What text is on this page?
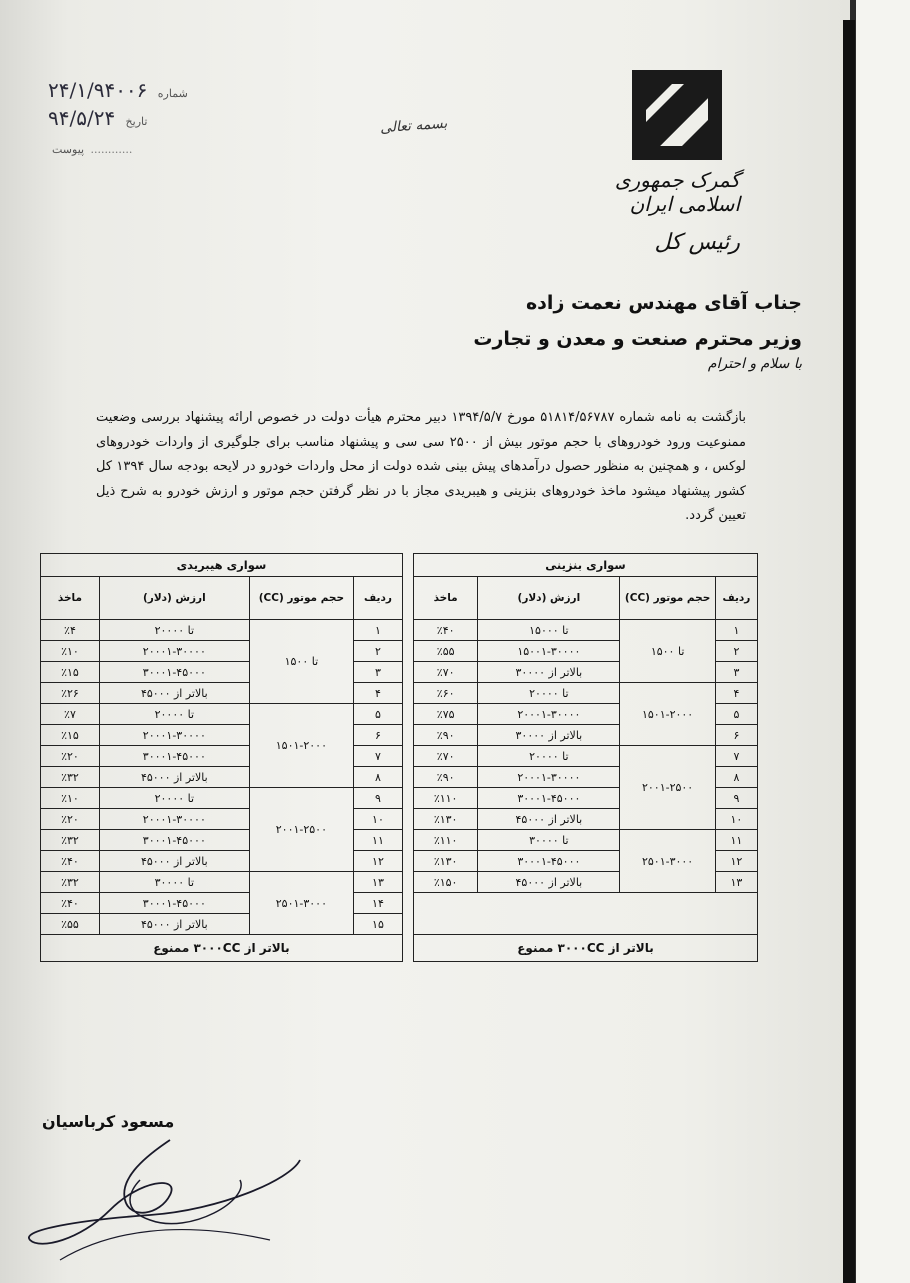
۲۴/۱/۹۴۰۰۶ شماره
۹۴/۵/۲۴ تاریخ
پیوست ............
بسمه تعالی
گمرک جمهوری اسلامی ایران
رئیس کل
جناب آقای مهندس نعمت زاده
وزیر محترم صنعت و معدن و تجارت
با سلام و احترام
بازگشت به نامه شماره ۵۱۸۱۴/۵۶۷۸۷ مورخ ۱۳۹۴/۵/۷ دبیر محترم هیأت دولت در خصوص ارائه پیشنهاد بررسی وضعیت ممنوعیت ورود خودروهای با حجم موتور بیش از ۲۵۰۰ سی سی و پیشنهاد مناسب برای جلوگیری از واردات خودروهای لوکس ، و همچنین به منظور حصول درآمدهای پیش بینی شده دولت از محل واردات خودرو در لایحه بودجه سال ۱۳۹۴ کل کشور پیشنهاد میشود ماخذ خودروهای بنزینی و هیبریدی مجاز با در نظر گرفتن حجم موتور و ارزش خودرو به شرح ذیل تعیین گردد.
سواری بنزینی					سواری هیبریدی			
ردیف	حجم موتور (CC)	ارزش (دلار)	ماخذ		ردیف	حجم موتور (CC)	ارزش (دلار)	ماخذ
۱	تا ۱۵۰۰	تا ۱۵۰۰۰	٪۴۰		۱	تا ۱۵۰۰	تا ۲۰۰۰۰	٪۴
۲		۱۵۰۰۱-۳۰۰۰۰	٪۵۵		۲		۲۰۰۰۱-۳۰۰۰۰	٪۱۰
۳		بالاتر از ۳۰۰۰۰	٪۷۰		۳		۳۰۰۰۱-۴۵۰۰۰	٪۱۵
۴	۱۵۰۱-۲۰۰۰	تا ۲۰۰۰۰	٪۶۰		۴		بالاتر از ۴۵۰۰۰	٪۲۶
۵		۲۰۰۰۱-۳۰۰۰۰	٪۷۵		۵	۱۵۰۱-۲۰۰۰	تا ۲۰۰۰۰	٪۷
۶		بالاتر از ۳۰۰۰۰	٪۹۰		۶		۲۰۰۰۱-۳۰۰۰۰	٪۱۵
۷	۲۰۰۱-۲۵۰۰	تا ۲۰۰۰۰	٪۷۰		۷		۳۰۰۰۱-۴۵۰۰۰	٪۲۰
۸		۲۰۰۰۱-۳۰۰۰۰	٪۹۰		۸		بالاتر از ۴۵۰۰۰	٪۳۲
۹		۳۰۰۰۱-۴۵۰۰۰	٪۱۱۰		۹	۲۰۰۱-۲۵۰۰	تا ۲۰۰۰۰	٪۱۰
۱۰		بالاتر از ۴۵۰۰۰	٪۱۳۰		۱۰		۲۰۰۰۱-۳۰۰۰۰	٪۲۰
۱۱	۲۵۰۱-۳۰۰۰	تا ۳۰۰۰۰	٪۱۱۰		۱۱		۳۰۰۰۱-۴۵۰۰۰	٪۳۲
۱۲		۳۰۰۰۱-۴۵۰۰۰	٪۱۳۰		۱۲		بالاتر از ۴۵۰۰۰	٪۴۰
۱۳		بالاتر از ۴۵۰۰۰	٪۱۵۰		۱۳	۲۵۰۱-۳۰۰۰	تا ۳۰۰۰۰	٪۳۲
					۱۴		۳۰۰۰۱-۴۵۰۰۰	٪۴۰
					۱۵		بالاتر از ۴۵۰۰۰	٪۵۵
بالاتر از ۳۰۰۰CC ممنوع					بالاتر از ۳۰۰۰CC ممنوع			
مسعود کرباسیان
